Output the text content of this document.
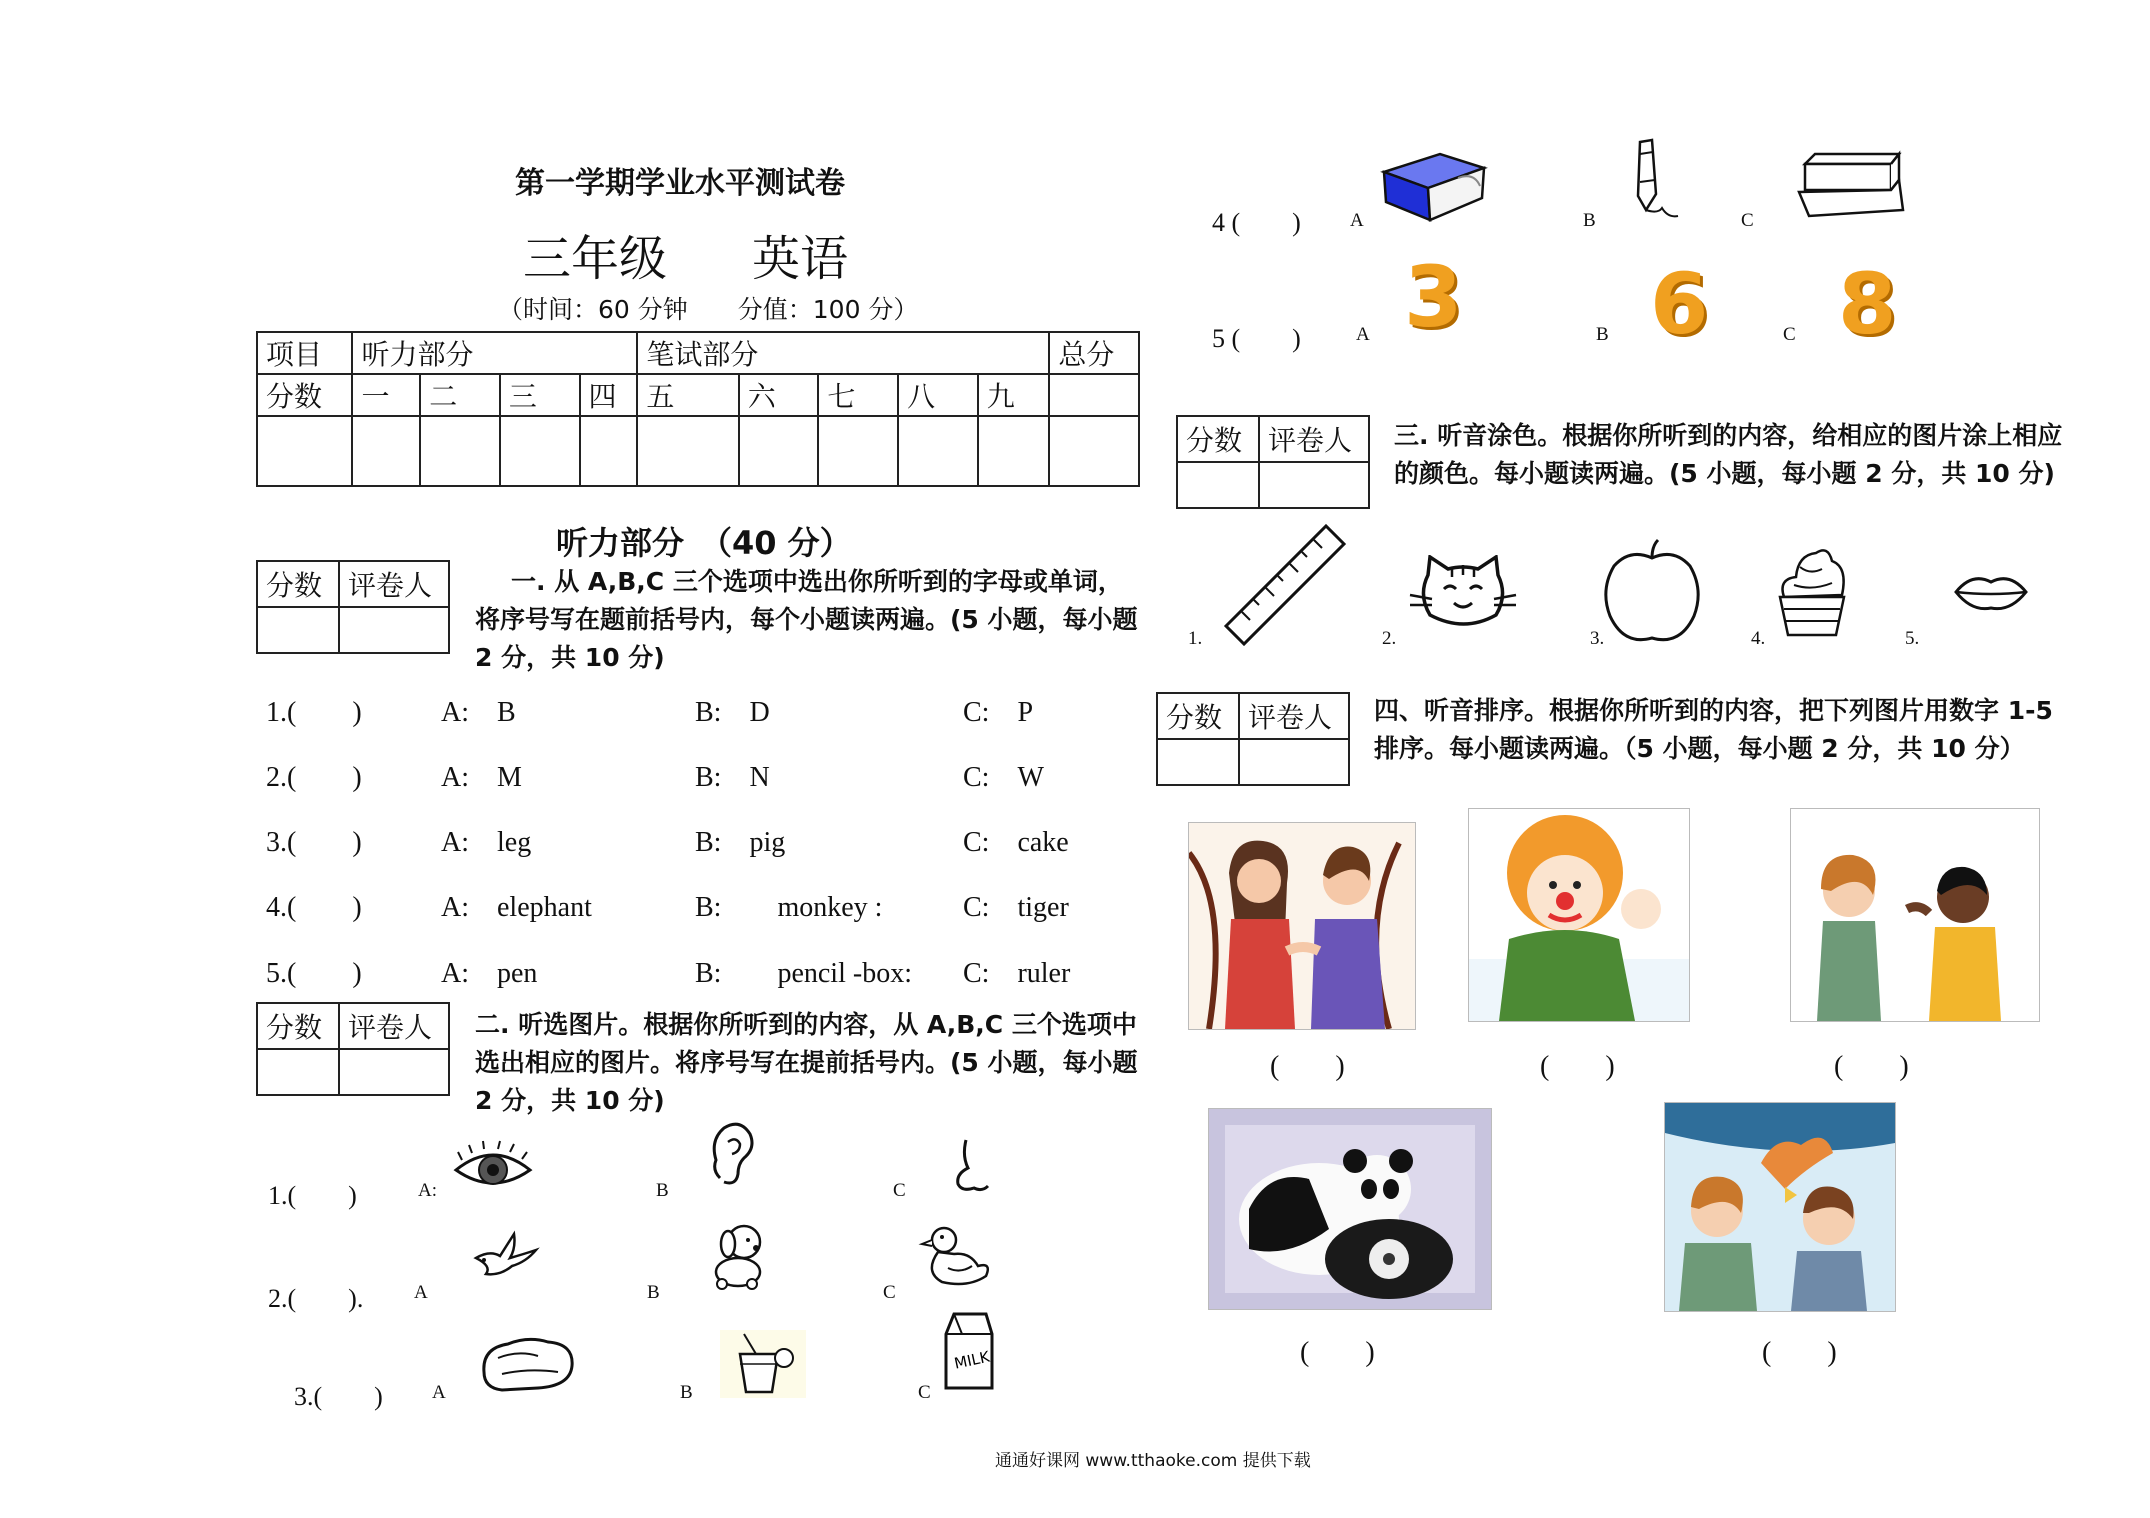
第一学期学业水平测试卷
三年级 英语
（时间：60 分钟　　分值：100 分）
项目	听力部分				笔试部分					总分
分数	一	二	三	四	五	六	七	八	九	

听力部分　（40 分）
分数	评卷人
		一. 从 A,B,C 三个选项中选出你所听到的字母或单词，将序号写在题前括号内，每个小题读两遍。(5 小题，每小题 2 分，共 10 分)
1.(　　)	A:　B	B:　D	C:　P
2.(　　)	A:　M	B:　N	C:　W
3.(　　)	A:　leg	B:　pig	C:　cake
4.(　　)	A:　elephant	B:　　monkey :	C:　tiger
5.(　　)	A:　pen	B:　　pencil -box: C:　ruler
分数	评卷人
	二. 听选图片。根据你所听到的内容，从 A,B,C 三个选项中选出相应的图片。将序号写在提前括号内。(5 小题，每小题 2 分，共 10 分)
1.(　　)	A:	B	C
2.(　　).	A	B	C
3.(　　)	A	B	C
MILK
4 (　　)	A	B	C
5 (　　)	A	B	C
3 6 8
分数	评卷人
	三. 听音涂色。根据你所听到的内容，给相应的图片涂上相应的颜色。每小题读两遍。(5 小题，每小题 2 分，共 10 分)
1.	2.	3.	4.	5.
分数	评卷人
	四、听音排序。根据你所听到的内容，把下列图片用数字 1-5 排序。每小题读两遍。（5 小题，每小题 2 分，共 10 分）
(　　)	(　　)	(　　)
(　　)	(　　)
通通好课网 www.tthaoke.com 提供下载
